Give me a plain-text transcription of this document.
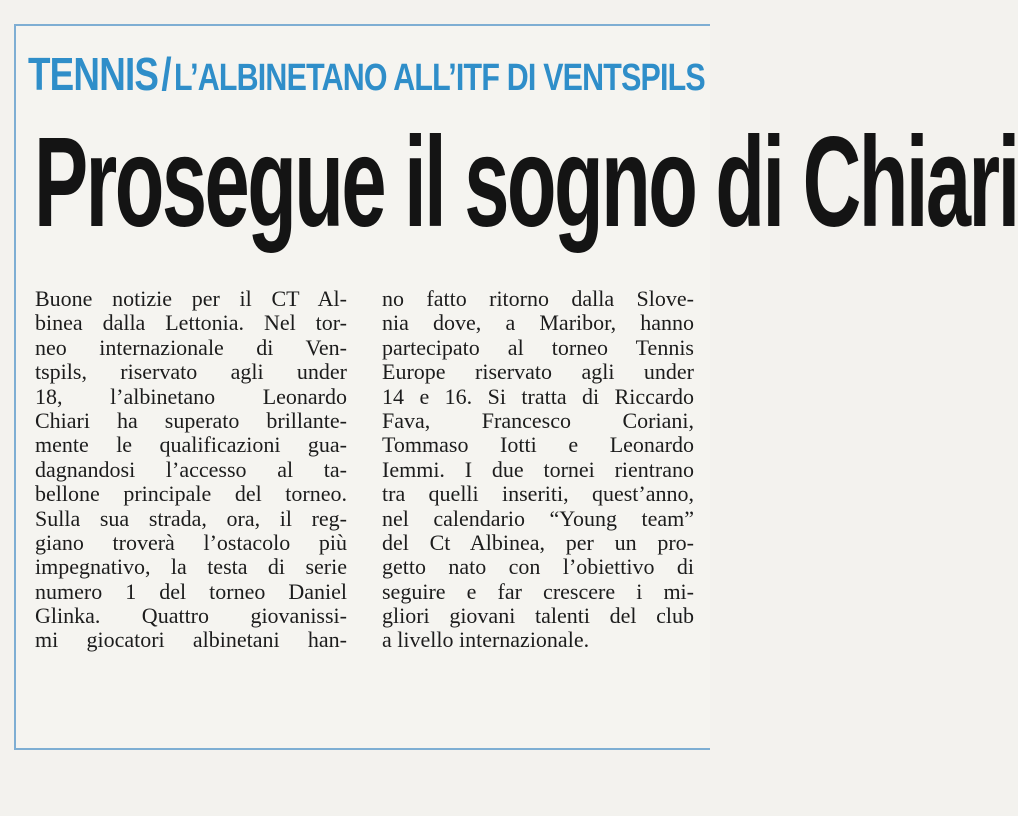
TENNIS/L’ALBINETANO ALL’ITF DI VENTSPILS
Prosegue il sogno di Chiari
Buone notizie per il CT Al-
binea dalla Lettonia. Nel tor-
neo internazionale di Ven-
tspils, riservato agli under
18, l’albinetano Leonardo
Chiari ha superato brillante-
mente le qualificazioni gua-
dagnandosi l’accesso al ta-
bellone principale del torneo.
Sulla sua strada, ora, il reg-
giano troverà l’ostacolo più
impegnativo, la testa di serie
numero 1 del torneo Daniel
Glinka. Quattro giovanissi-
mi giocatori albinetani han-
no fatto ritorno dalla Slove-
nia dove, a Maribor, hanno
partecipato al torneo Tennis
Europe riservato agli under
14 e 16. Si tratta di Riccardo
Fava, Francesco Coriani,
Tommaso Iotti e Leonardo
Iemmi. I due tornei rientrano
tra quelli inseriti, quest’anno,
nel calendario “Young team”
del Ct Albinea, per un pro-
getto nato con l’obiettivo di
seguire e far crescere i mi-
gliori giovani talenti del club
a livello internazionale.
